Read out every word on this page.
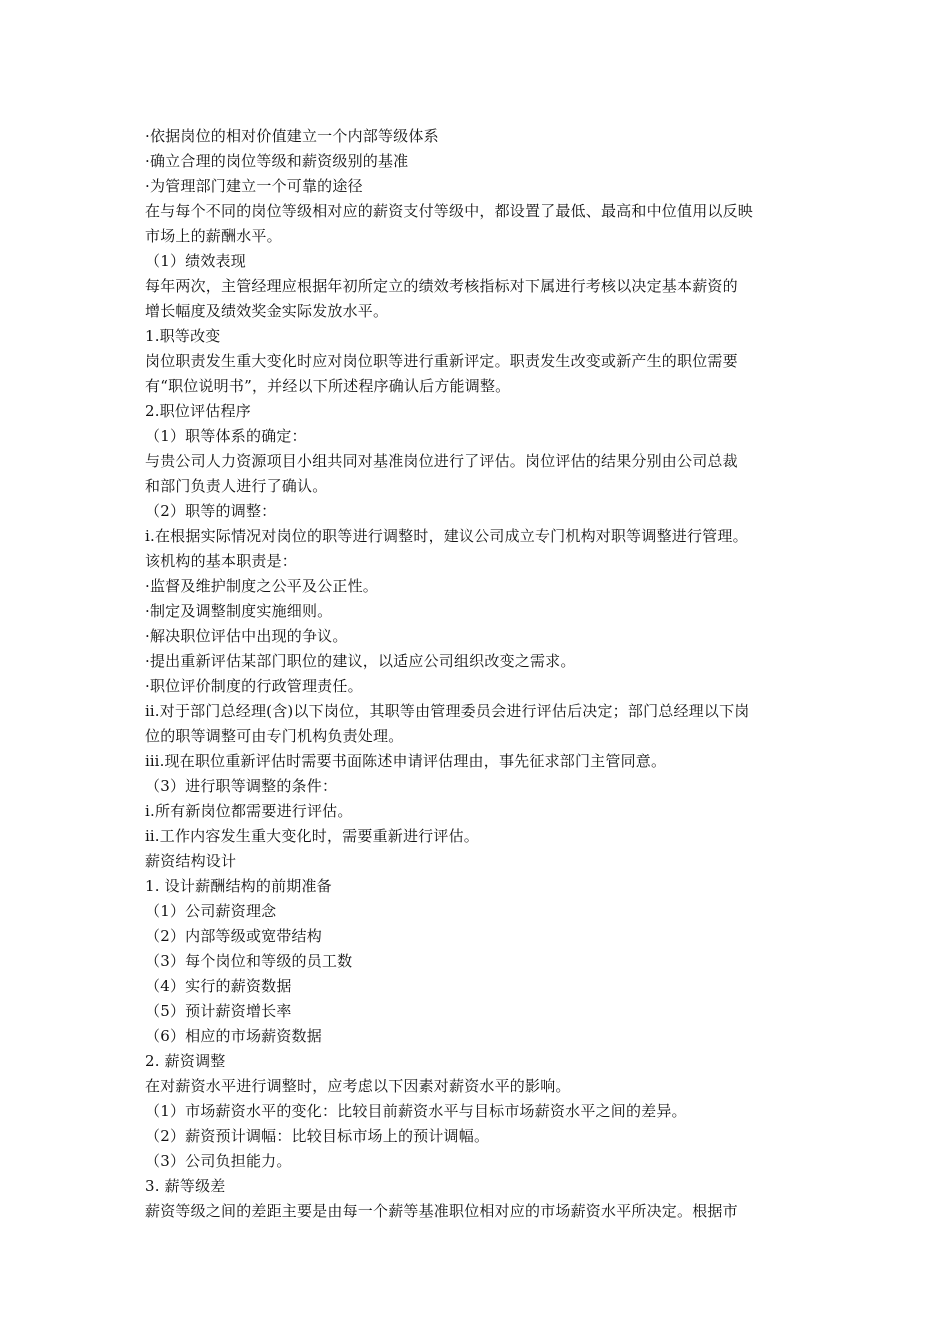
·依据岗位的相对价值建立一个内部等级体系
·确立合理的岗位等级和薪资级别的基准
·为管理部门建立一个可靠的途径
在与每个不同的岗位等级相对应的薪资支付等级中，都设置了最低、最高和中位值用以反映
市场上的薪酬水平。
（1）绩效表现
每年两次，主管经理应根据年初所定立的绩效考核指标对下属进行考核以决定基本薪资的
增长幅度及绩效奖金实际发放水平。
1.职等改变
岗位职责发生重大变化时应对岗位职等进行重新评定。职责发生改变或新产生的职位需要
有“职位说明书”，并经以下所述程序确认后方能调整。
2.职位评估程序
（1）职等体系的确定：
与贵公司人力资源项目小组共同对基准岗位进行了评估。岗位评估的结果分别由公司总裁
和部门负责人进行了确认。
（2）职等的调整：
ⅰ.在根据实际情况对岗位的职等进行调整时，建议公司成立专门机构对职等调整进行管理。
该机构的基本职责是：
·监督及维护制度之公平及公正性。
·制定及调整制度实施细则。
·解决职位评估中出现的争议。
·提出重新评估某部门职位的建议，以适应公司组织改变之需求。
·职位评价制度的行政管理责任。
ⅱ.对于部门总经理(含)以下岗位，其职等由管理委员会进行评估后决定；部门总经理以下岗
位的职等调整可由专门机构负责处理。
ⅲ.现在职位重新评估时需要书面陈述申请评估理由，事先征求部门主管同意。
（3）进行职等调整的条件：
ⅰ.所有新岗位都需要进行评估。
ⅱ.工作内容发生重大变化时，需要重新进行评估。
薪资结构设计
1. 设计薪酬结构的前期准备
（1）公司薪资理念
（2）内部等级或宽带结构
（3）每个岗位和等级的员工数
（4）实行的薪资数据
（5）预计薪资增长率
（6）相应的市场薪资数据
2. 薪资调整
在对薪资水平进行调整时，应考虑以下因素对薪资水平的影响。
（1）市场薪资水平的变化：比较目前薪资水平与目标市场薪资水平之间的差异。
（2）薪资预计调幅：比较目标市场上的预计调幅。
（3）公司负担能力。
3. 薪等级差
薪资等级之间的差距主要是由每一个薪等基准职位相对应的市场薪资水平所决定。根据市
